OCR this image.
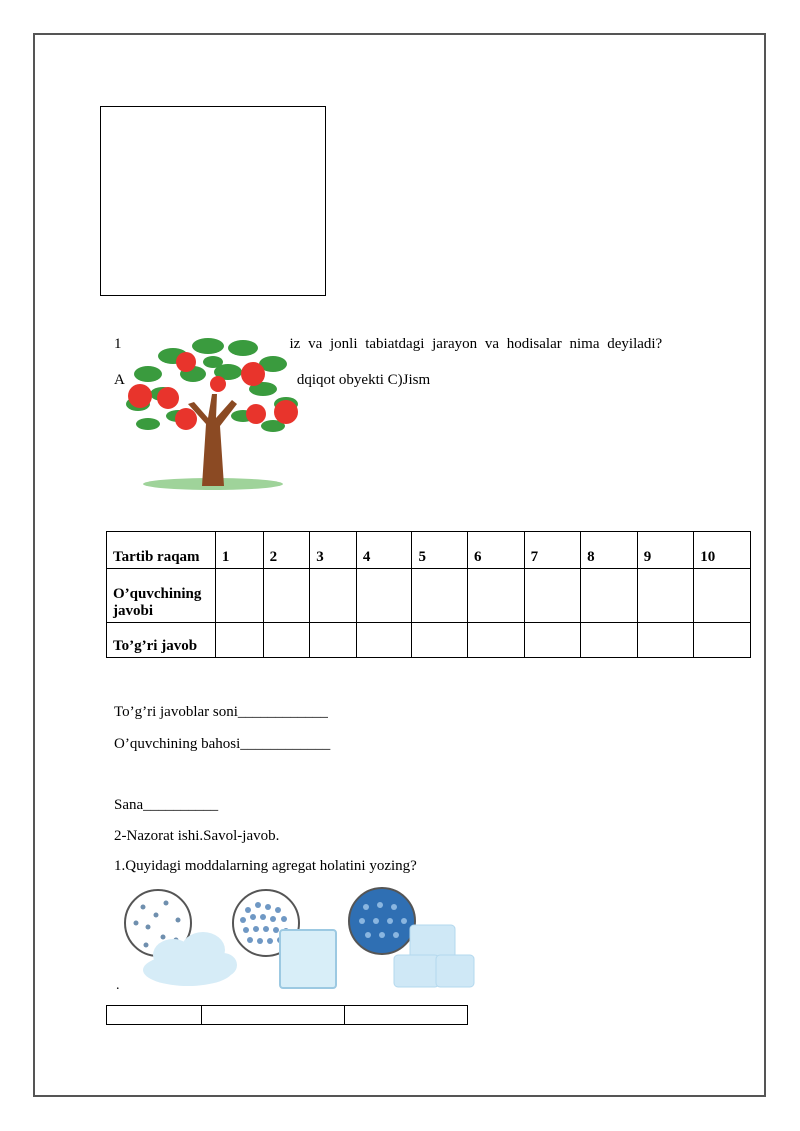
1	iz va jonli tabiatdagi jarayon va hodisalar nima deyiladi?
A	dqiqot obyekti C)Jism
Tartib raqam	1	2	3	4	5	6	7	8	9	10
O’quvchining javobi										
To’g’ri javob										
To’g’ri javoblar soni____________
O’quvchining bahosi____________
Sana__________
2-Nazorat ishi.Savol-javob.
1.Quyidagi moddalarning agregat holatini yozing?
.
